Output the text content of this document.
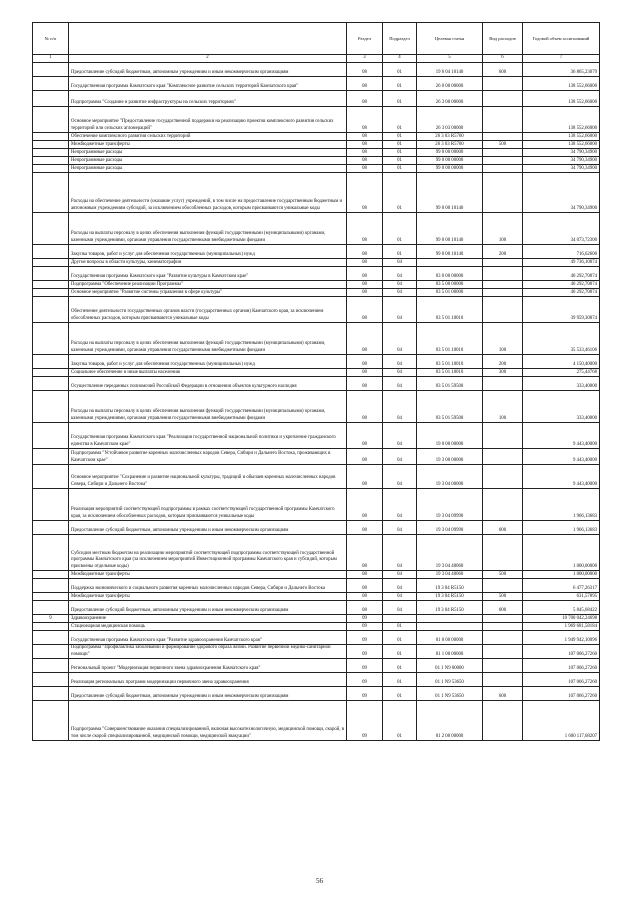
№ п/п		Раздел	Подраздел	Целевая статья	Вид расходов	Годовой объем ассигнований
1	2	3	4	5	6	7
	Предоставление субсидий бюджетным, автономным учреждениям и иным некоммерческим организациям	08	01	19 6 04 10140	600	36 865,23079
	Государственная программа Камчатского края "Комплексное развитие сельских территорий Камчатского края"	08	01	26 0 00 00000		138 552,66000
	Подпрограмма "Создание и развитие инфраструктуры на сельских территориях"	08	01	26 3 00 00000		138 552,66000
	Основное мероприятие "Предоставление государственной поддержки на реализацию проектов комплексного развития сельских территорий или сельских агломераций"	08	01	26 3 03 00000		138 552,66000
	Обеспечение комплексного развития сельских территорий	08	01	26 3 03 R5760		138 552,66000
	Межбюджетные трансферты	08	01	26 3 03 R5760	500	138 552,66000
	Непрограммные расходы	08	01	99 0 00 00000		34 790,34900
	Непрограммные расходы	08	01	99 0 00 00000		34 790,34900
	Непрограммные расходы	08	01	99 0 00 00000		34 790,34900
	Расходы на обеспечение деятельности (оказание услуг) учреждений, в том числе на предоставление государственным бюджетным и автономным учреждениям субсидий, за исключением обособленных расходов, которым присваиваются уникальные коды	08	01	99 0 00 10140		34 790,34900
	Расходы на выплаты персоналу в целях обеспечения выполнения функций государственными (муниципальными) органами, казенными учреждениями, органами управления государственными внебюджетными фондами	08	01	99 0 00 10140	100	34 073,72300
	Закупка товаров, работ и услуг для обеспечения государственных (муниципальных) нужд	08	01	99 0 00 10140	200	716,62600
	Другие вопросы в области культуры, кинематографии	08	04			49 736,10874
	Государственная программа Камчатского края "Развитие культуры в Камчатском крае"	08	04	03 0 00 00000		40 292,70874
	Подпрограмма "Обеспечение реализации Программы"	08	04	03 5 00 00000		40 292,70874
	Основное мероприятие "Развитие системы управления в сфере культуры"	08	04	03 5 01 00000		40 292,70874
	Обеспечение деятельности государственных органов власти (государственных органов) Камчатского края, за исключением обособленных расходов, которым присваиваются уникальные коды	08	04	03 5 01 10010		39 959,30874
	Расходы на выплаты персоналу в целях обеспечения выполнения функций государственными (муниципальными) органами, казенными учреждениями, органами управления государственными внебюджетными фондами	08	04	03 5 01 10010	100	35 533,46106
	Закупка товаров, работ и услуг для обеспечения государственных (муниципальных) нужд	08	04	03 5 01 10010	200	4 150,40000
	Социальное обеспечение и иные выплаты населению	08	04	03 5 01 10010	300	275,44768
	Осуществление переданных полномочий Российской Федерации в отношении объектов культурного наследия	08	04	03 5 01 59500		333,40000
	Расходы на выплаты персоналу в целях обеспечения выполнения функций государственными (муниципальными) органами, казенными учреждениями, органами управления государственными внебюджетными фондами	08	04	03 5 01 59500	100	333,40000
	Государственная программа Камчатского края "Реализация государственной национальной политики и укрепление гражданского единства в Камчатском крае"	08	04	19 0 00 00000		9 443,40000
	Подпрограмма "Устойчивое развитие коренных малочисленных народов Севера, Сибири и Дальнего Востока, проживающих в Камчатском крае"	08	04	19 3 00 00000		9 443,40000
	Основное мероприятие "Сохранение и развитие национальной культуры, традиций и обычаев коренных малочисленных народов Севера, Сибири и Дальнего Востока"	08	04	19 3 04 00000		9 443,40000
	Реализация мероприятий соответствующей подпрограммы в рамках соответствующей государственной программы Камчатского края, за исключением обособленных расходов, которым присваиваются уникальные коды	08	04	19 3 04 09990		1 966,13683
	Предоставление субсидий бюджетным, автономным учреждениям и иным некоммерческим организациям	08	04	19 3 04 09990	600	1 966,13683
	Субсидии местным бюджетам на реализацию мероприятий соответствующей подпрограммы соответствующей государственной программы Камчатского края (за исключением мероприятий Инвестиционной программы Камчатского края и субсидий, которым присвоены отдельные коды)	08	04	19 3 04 40060		1 000,00000
	Межбюджетные трансферты	08	04	19 3 04 40060	500	1 000,00000
	Поддержка экономического и социального развития коренных малочисленных народов Севера, Сибири и Дальнего Востока	08	04	19 3 04 R5150		6 477,26317
	Межбюджетные трансферты	08	04	19 3 04 R5150	500	631,57895
	Предоставление субсидий бюджетным, автономным учреждениям и иным некоммерческим организациям	08	04	19 3 04 R5150	600	5 845,68422
9	Здравоохранение	09				10 700 042,24698
	Стационарная медицинская помощь	09	01			1 969 681,58184
	Государственная программа Камчатского края "Развитие здравоохранения Камчатского края"	09	01	01 0 00 00000		1 949 942,10096
	Подпрограмма "Профилактика заболеваний и формирование здорового образа жизни. Развитие первичной медико-санитарной помощи"	09	01	01 1 00 00000		107 066,27260
	Региональный проект "Модернизация первичного звена здравоохранения Камчатского края"	09	01	01 1 N9 00000		107 066,27260
	Реализация региональных программ модернизации первичного звена здравоохранения	09	01	01 1 N9 53650		107 066,27260
	Предоставление субсидий бюджетным, автономным учреждениям и иным некоммерческим организациям	09	01	01 1 N9 53650	600	107 066,27260
	Подпрограмма "Совершенствование оказания специализированной, включая высокотехнологичную, медицинской помощи, скорой, в том числе скорой специализированной, медицинской помощи, медицинской эвакуации"	09	01	01 2 00 00000		1 600 117,68207
56
